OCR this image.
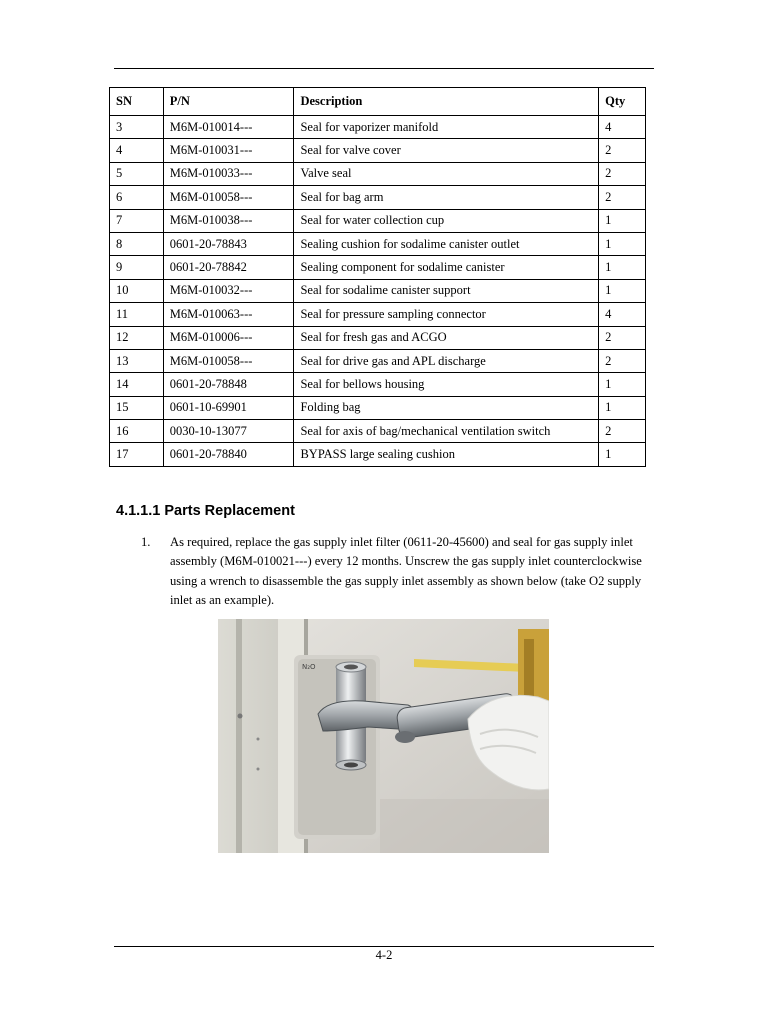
SN	P/N	Description	Qty
3	M6M-010014---	Seal for vaporizer manifold	4
4	M6M-010031---	Seal for valve cover	2
5	M6M-010033---	Valve seal	2
6	M6M-010058---	Seal for bag arm	2
7	M6M-010038---	Seal for water collection cup	1
8	0601-20-78843	Sealing cushion for sodalime canister outlet	1
9	0601-20-78842	Sealing component for sodalime canister	1
10	M6M-010032---	Seal for sodalime canister support	1
11	M6M-010063---	Seal for pressure sampling connector	4
12	M6M-010006---	Seal for fresh gas and ACGO	2
13	M6M-010058---	Seal for drive gas and APL discharge	2
14	0601-20-78848	Seal for bellows housing	1
15	0601-10-69901	Folding bag	1
16	0030-10-13077	Seal for axis of bag/mechanical ventilation switch	2
17	0601-20-78840	BYPASS large sealing cushion	1
4.1.1.1 Parts Replacement
1. As required, replace the gas supply inlet filter (0611-20-45600) and seal for gas supply inlet assembly (M6M-010021---) every 12 months. Unscrew the gas supply inlet counterclockwise using a wrench to disassemble the gas supply inlet assembly as shown below (take O2 supply inlet as an example).
N₂O
4-2
